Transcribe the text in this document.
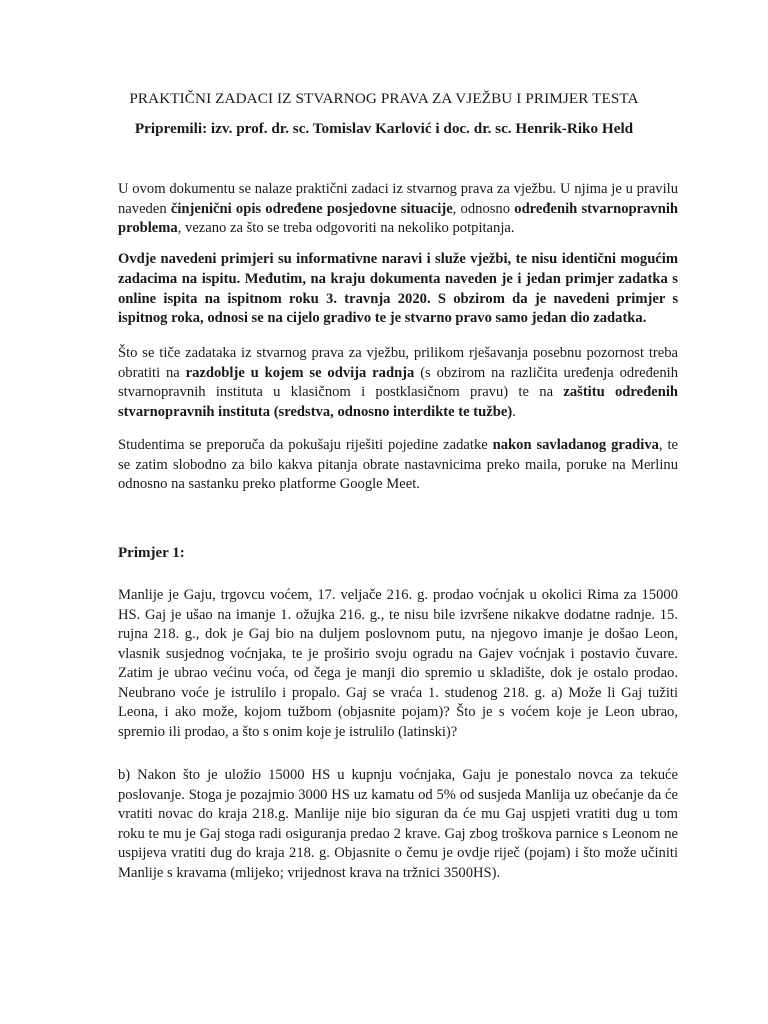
PRAKTIČNI ZADACI IZ STVARNOG PRAVA ZA VJEŽBU I PRIMJER TESTA
Pripremili: izv. prof. dr. sc. Tomislav Karlović i doc. dr. sc. Henrik-Riko Held
U ovom dokumentu se nalaze praktični zadaci iz stvarnog prava za vježbu. U njima je u pravilu naveden činjenični opis određene posjedovne situacije, odnosno određenih stvarnopravnih problema, vezano za što se treba odgovoriti na nekoliko potpitanja.
Ovdje navedeni primjeri su informativne naravi i služe vježbi, te nisu identični mogućim zadacima na ispitu. Međutim, na kraju dokumenta naveden je i jedan primjer zadatka s online ispita na ispitnom roku 3. travnja 2020. S obzirom da je navedeni primjer s ispitnog roka, odnosi se na cijelo gradivo te je stvarno pravo samo jedan dio zadatka.
Što se tiče zadataka iz stvarnog prava za vježbu, prilikom rješavanja posebnu pozornost treba obratiti na razdoblje u kojem se odvija radnja (s obzirom na različita uređenja određenih stvarnopravnih instituta u klasičnom i postklasičnom pravu) te na zaštitu određenih stvarnopravnih instituta (sredstva, odnosno interdikte te tužbe).
Studentima se preporuča da pokušaju riješiti pojedine zadatke nakon savladanog gradiva, te se zatim slobodno za bilo kakva pitanja obrate nastavnicima preko maila, poruke na Merlinu odnosno na sastanku preko platforme Google Meet.
Primjer 1:
Manlije je Gaju, trgovcu voćem, 17. veljače 216. g. prodao voćnjak u okolici Rima za 15000 HS. Gaj je ušao na imanje 1. ožujka 216. g., te nisu bile izvršene nikakve dodatne radnje. 15. rujna 218. g., dok je Gaj bio na duljem poslovnom putu, na njegovo imanje je došao Leon, vlasnik susjednog voćnjaka, te je proširio svoju ogradu na Gajev voćnjak i postavio čuvare. Zatim je ubrao većinu voća, od čega je manji dio spremio u skladište, dok je ostalo prodao. Neubrano voće je istrulilo i propalo. Gaj se vraća 1. studenog 218. g. a) Može li Gaj tužiti Leona, i ako može, kojom tužbom (objasnite pojam)? Što je s voćem koje je Leon ubrao, spremio ili prodao, a što s onim koje je istrulilo (latinski)?
b) Nakon što je uložio 15000 HS u kupnju voćnjaka, Gaju je ponestalo novca za tekuće poslovanje. Stoga je pozajmio 3000 HS uz kamatu od 5% od susjeda Manlija uz obećanje da će vratiti novac do kraja 218.g. Manlije nije bio siguran da će mu Gaj uspjeti vratiti dug u tom roku te mu je Gaj stoga radi osiguranja predao 2 krave. Gaj zbog troškova parnice s Leonom ne uspijeva vratiti dug do kraja 218. g. Objasnite o čemu je ovdje riječ (pojam) i što može učiniti Manlije s kravama (mlijeko; vrijednost krava na tržnici 3500HS).
